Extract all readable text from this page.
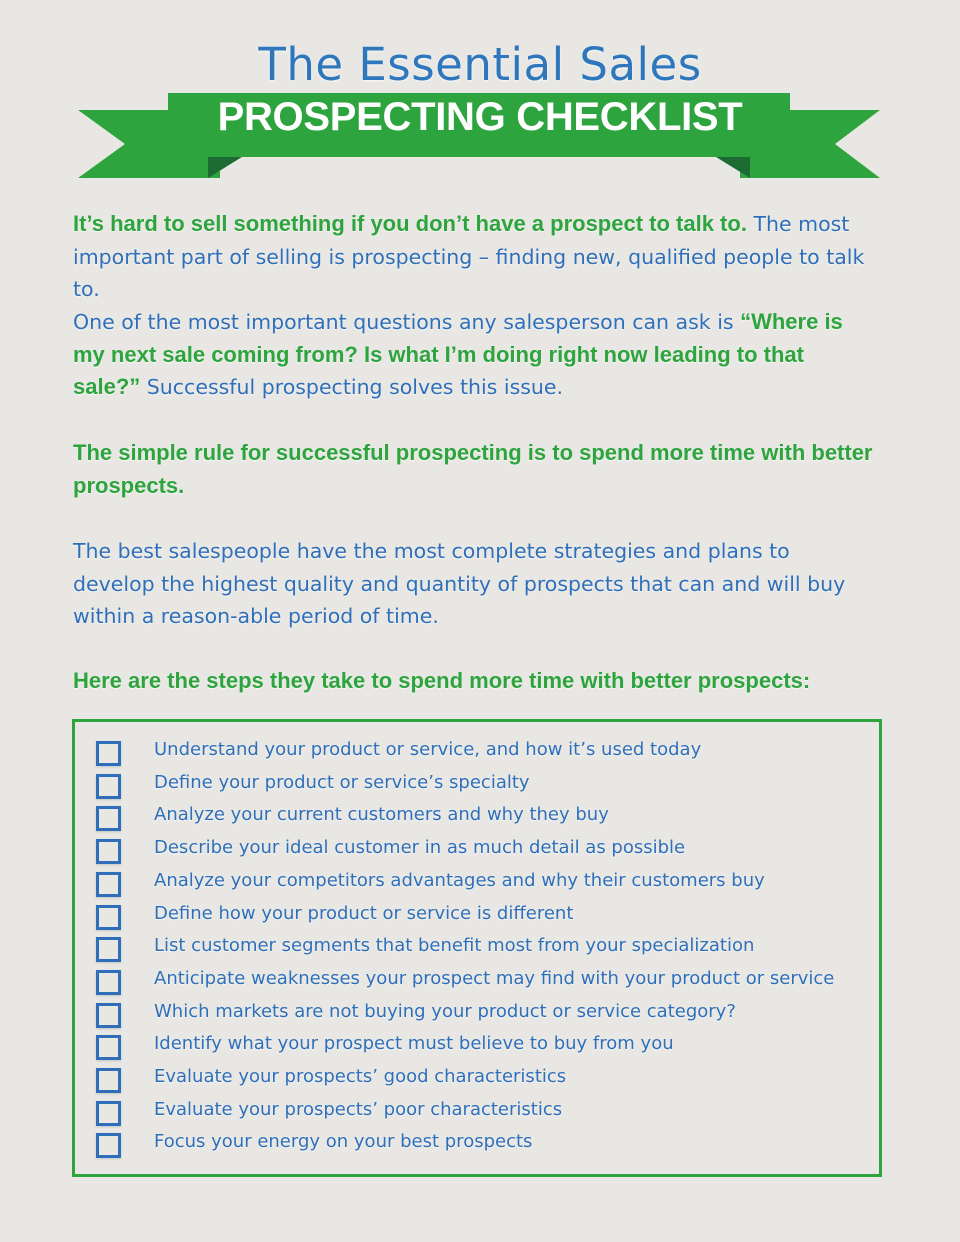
The Essential Sales
PROSPECTING CHECKLIST
It’s hard to sell something if you don’t have a prospect to talk to. The most important part of selling is prospecting – finding new, qualified people to talk to.
One of the most important questions any salesperson can ask is “Where is my next sale coming from? Is what I’m doing right now leading to that sale?” Successful prospecting solves this issue.
The simple rule for successful prospecting is to spend more time with better prospects.
The best salespeople have the most complete strategies and plans to develop the highest quality and quantity of prospects that can and will buy within a reason-able period of time.
Here are the steps they take to spend more time with better prospects:
Understand your product or service, and how it’s used today
Define your product or service’s specialty
Analyze your current customers and why they buy
Describe your ideal customer in as much detail as possible
Analyze your competitors advantages and why their customers buy
Define how your product or service is different
List customer segments that benefit most from your specialization
Anticipate weaknesses your prospect may find with your product or service
Which markets are not buying your product or service category?
Identify what your prospect must believe to buy from you
Evaluate your prospects’ good characteristics
Evaluate your prospects’ poor characteristics
Focus your energy on your best prospects
